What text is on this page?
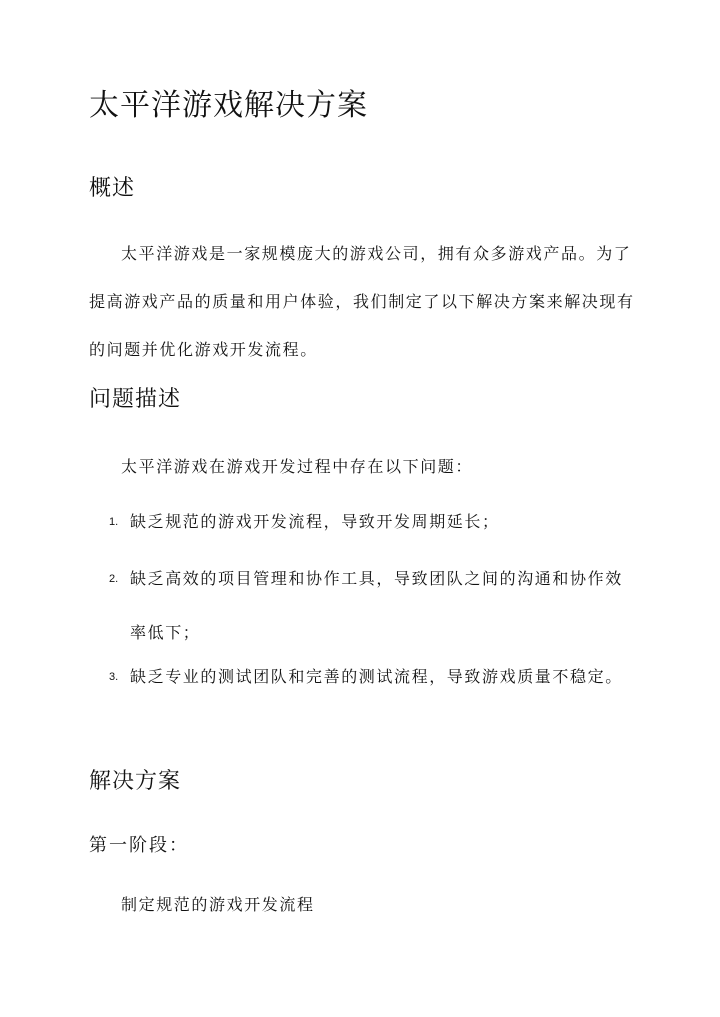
太平洋游戏解决方案
概述

太平洋游戏是一家规模庞大的游戏公司，拥有众多游戏产品。为了提高游戏产品的质量和用户体验，我们制定了以下解决方案来解决现有的问题并优化游戏开发流程。

问题描述

太平洋游戏在游戏开发过程中存在以下问题：

1. 缺乏规范的游戏开发流程，导致开发周期延长；

2. 缺乏高效的项目管理和协作工具，导致团队之间的沟通和协作效率低下；

3. 缺乏专业的测试团队和完善的测试流程，导致游戏质量不稳定。

解决方案
第一阶段：

制定规范的游戏开发流程
